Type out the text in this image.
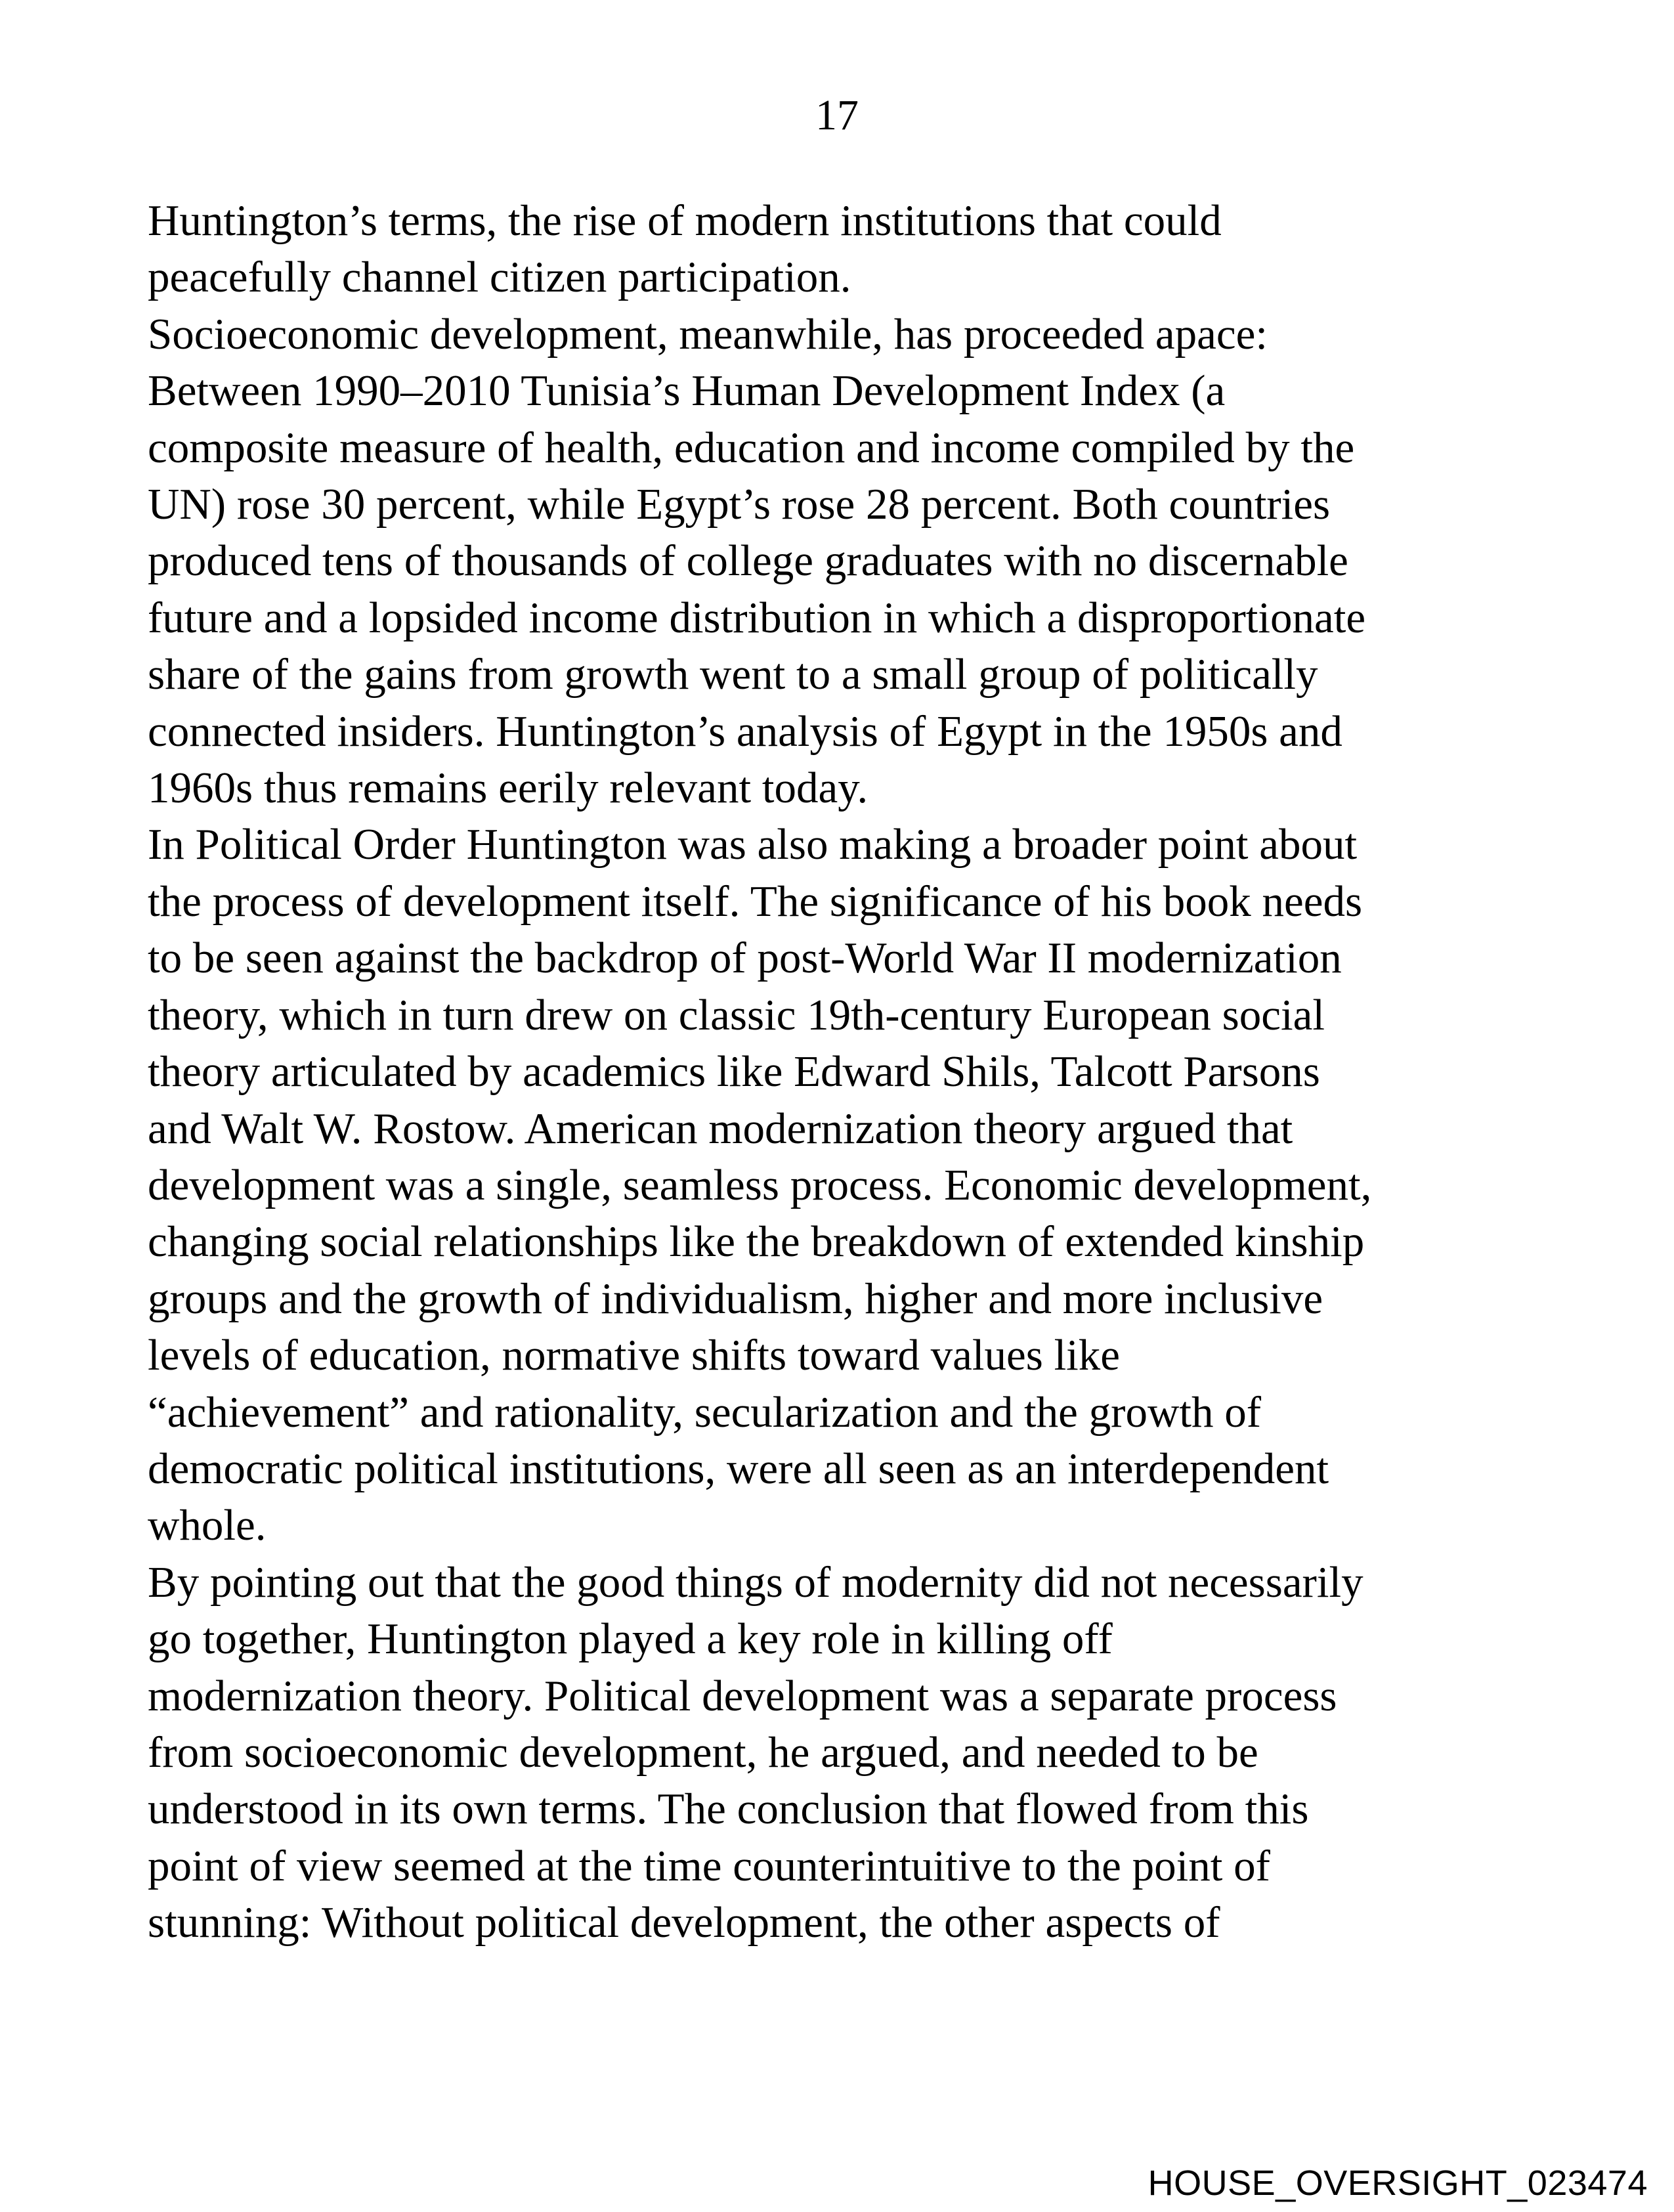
17
Huntington’s terms, the rise of modern institutions that could
peacefully channel citizen participation.
Socioeconomic development, meanwhile, has proceeded apace:
Between 1990–2010 Tunisia’s Human Development Index (a
composite measure of health, education and income compiled by the
UN) rose 30 percent, while Egypt’s rose 28 percent. Both countries
produced tens of thousands of college graduates with no discernable
future and a lopsided income distribution in which a disproportionate
share of the gains from growth went to a small group of politically
connected insiders. Huntington’s analysis of Egypt in the 1950s and
1960s thus remains eerily relevant today.
In Political Order Huntington was also making a broader point about
the process of development itself. The significance of his book needs
to be seen against the backdrop of post-World War II modernization
theory, which in turn drew on classic 19th-century European social
theory articulated by academics like Edward Shils, Talcott Parsons
and Walt W. Rostow. American modernization theory argued that
development was a single, seamless process. Economic development,
changing social relationships like the breakdown of extended kinship
groups and the growth of individualism, higher and more inclusive
levels of education, normative shifts toward values like
“achievement” and rationality, secularization and the growth of
democratic political institutions, were all seen as an interdependent
whole.
By pointing out that the good things of modernity did not necessarily
go together, Huntington played a key role in killing off
modernization theory. Political development was a separate process
from socioeconomic development, he argued, and needed to be
understood in its own terms. The conclusion that flowed from this
point of view seemed at the time counterintuitive to the point of
stunning: Without political development, the other aspects of
HOUSE_OVERSIGHT_023474
